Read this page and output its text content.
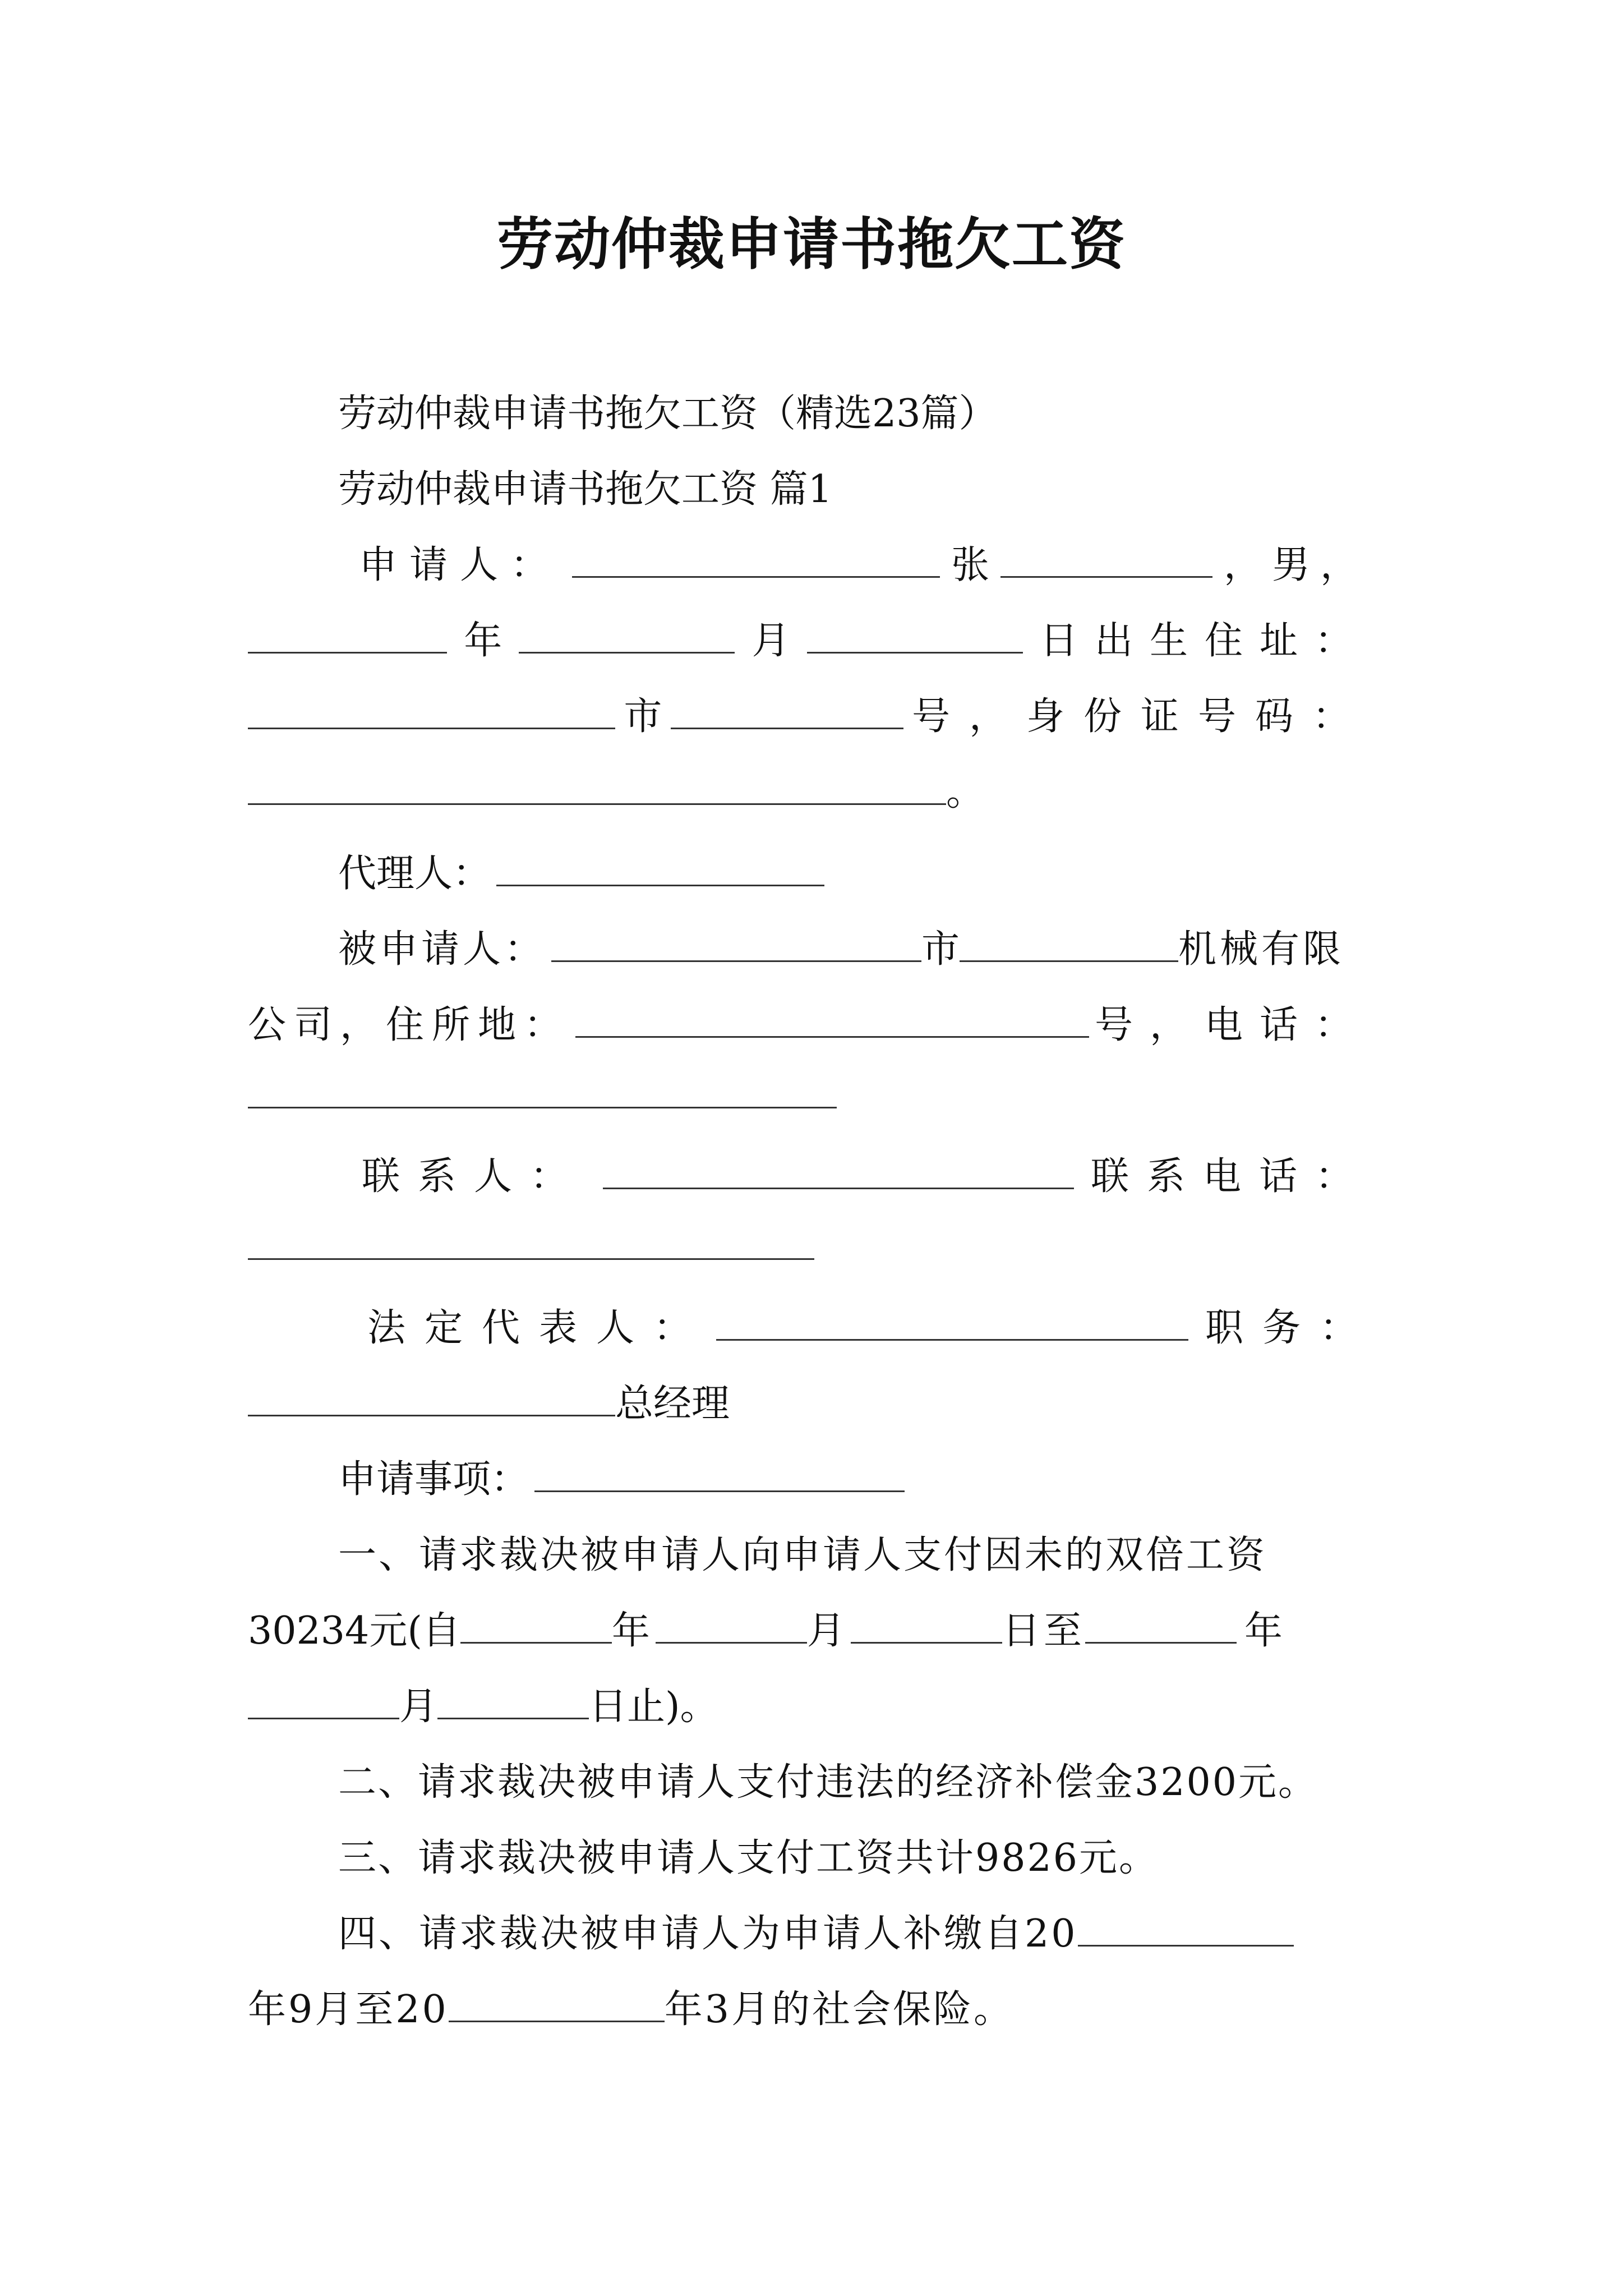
劳动仲裁申请书拖欠工资
劳动仲裁申请书拖欠工资（精选23篇）
劳动仲裁申请书拖欠工资 篇1
申请人：	张	，男，
年	月	日出生住址：
市	号，身份证号码：
。
代理人：
被申请人：	市	机械有限
公司，住所地：	号，电话：
联系人：	联系电话：
法定代表人：	职务：
总经理
申请事项：
一、请求裁决被申请人向申请人支付因未的双倍工资
30234元(自	年	月	日至	年
月	日止)。
二、请求裁决被申请人支付违法的经济补偿金3200元。
三、请求裁决被申请人支付工资共计9826元。
四、请求裁决被申请人为申请人补缴自20
年9月至20	年3月的社会保险。
